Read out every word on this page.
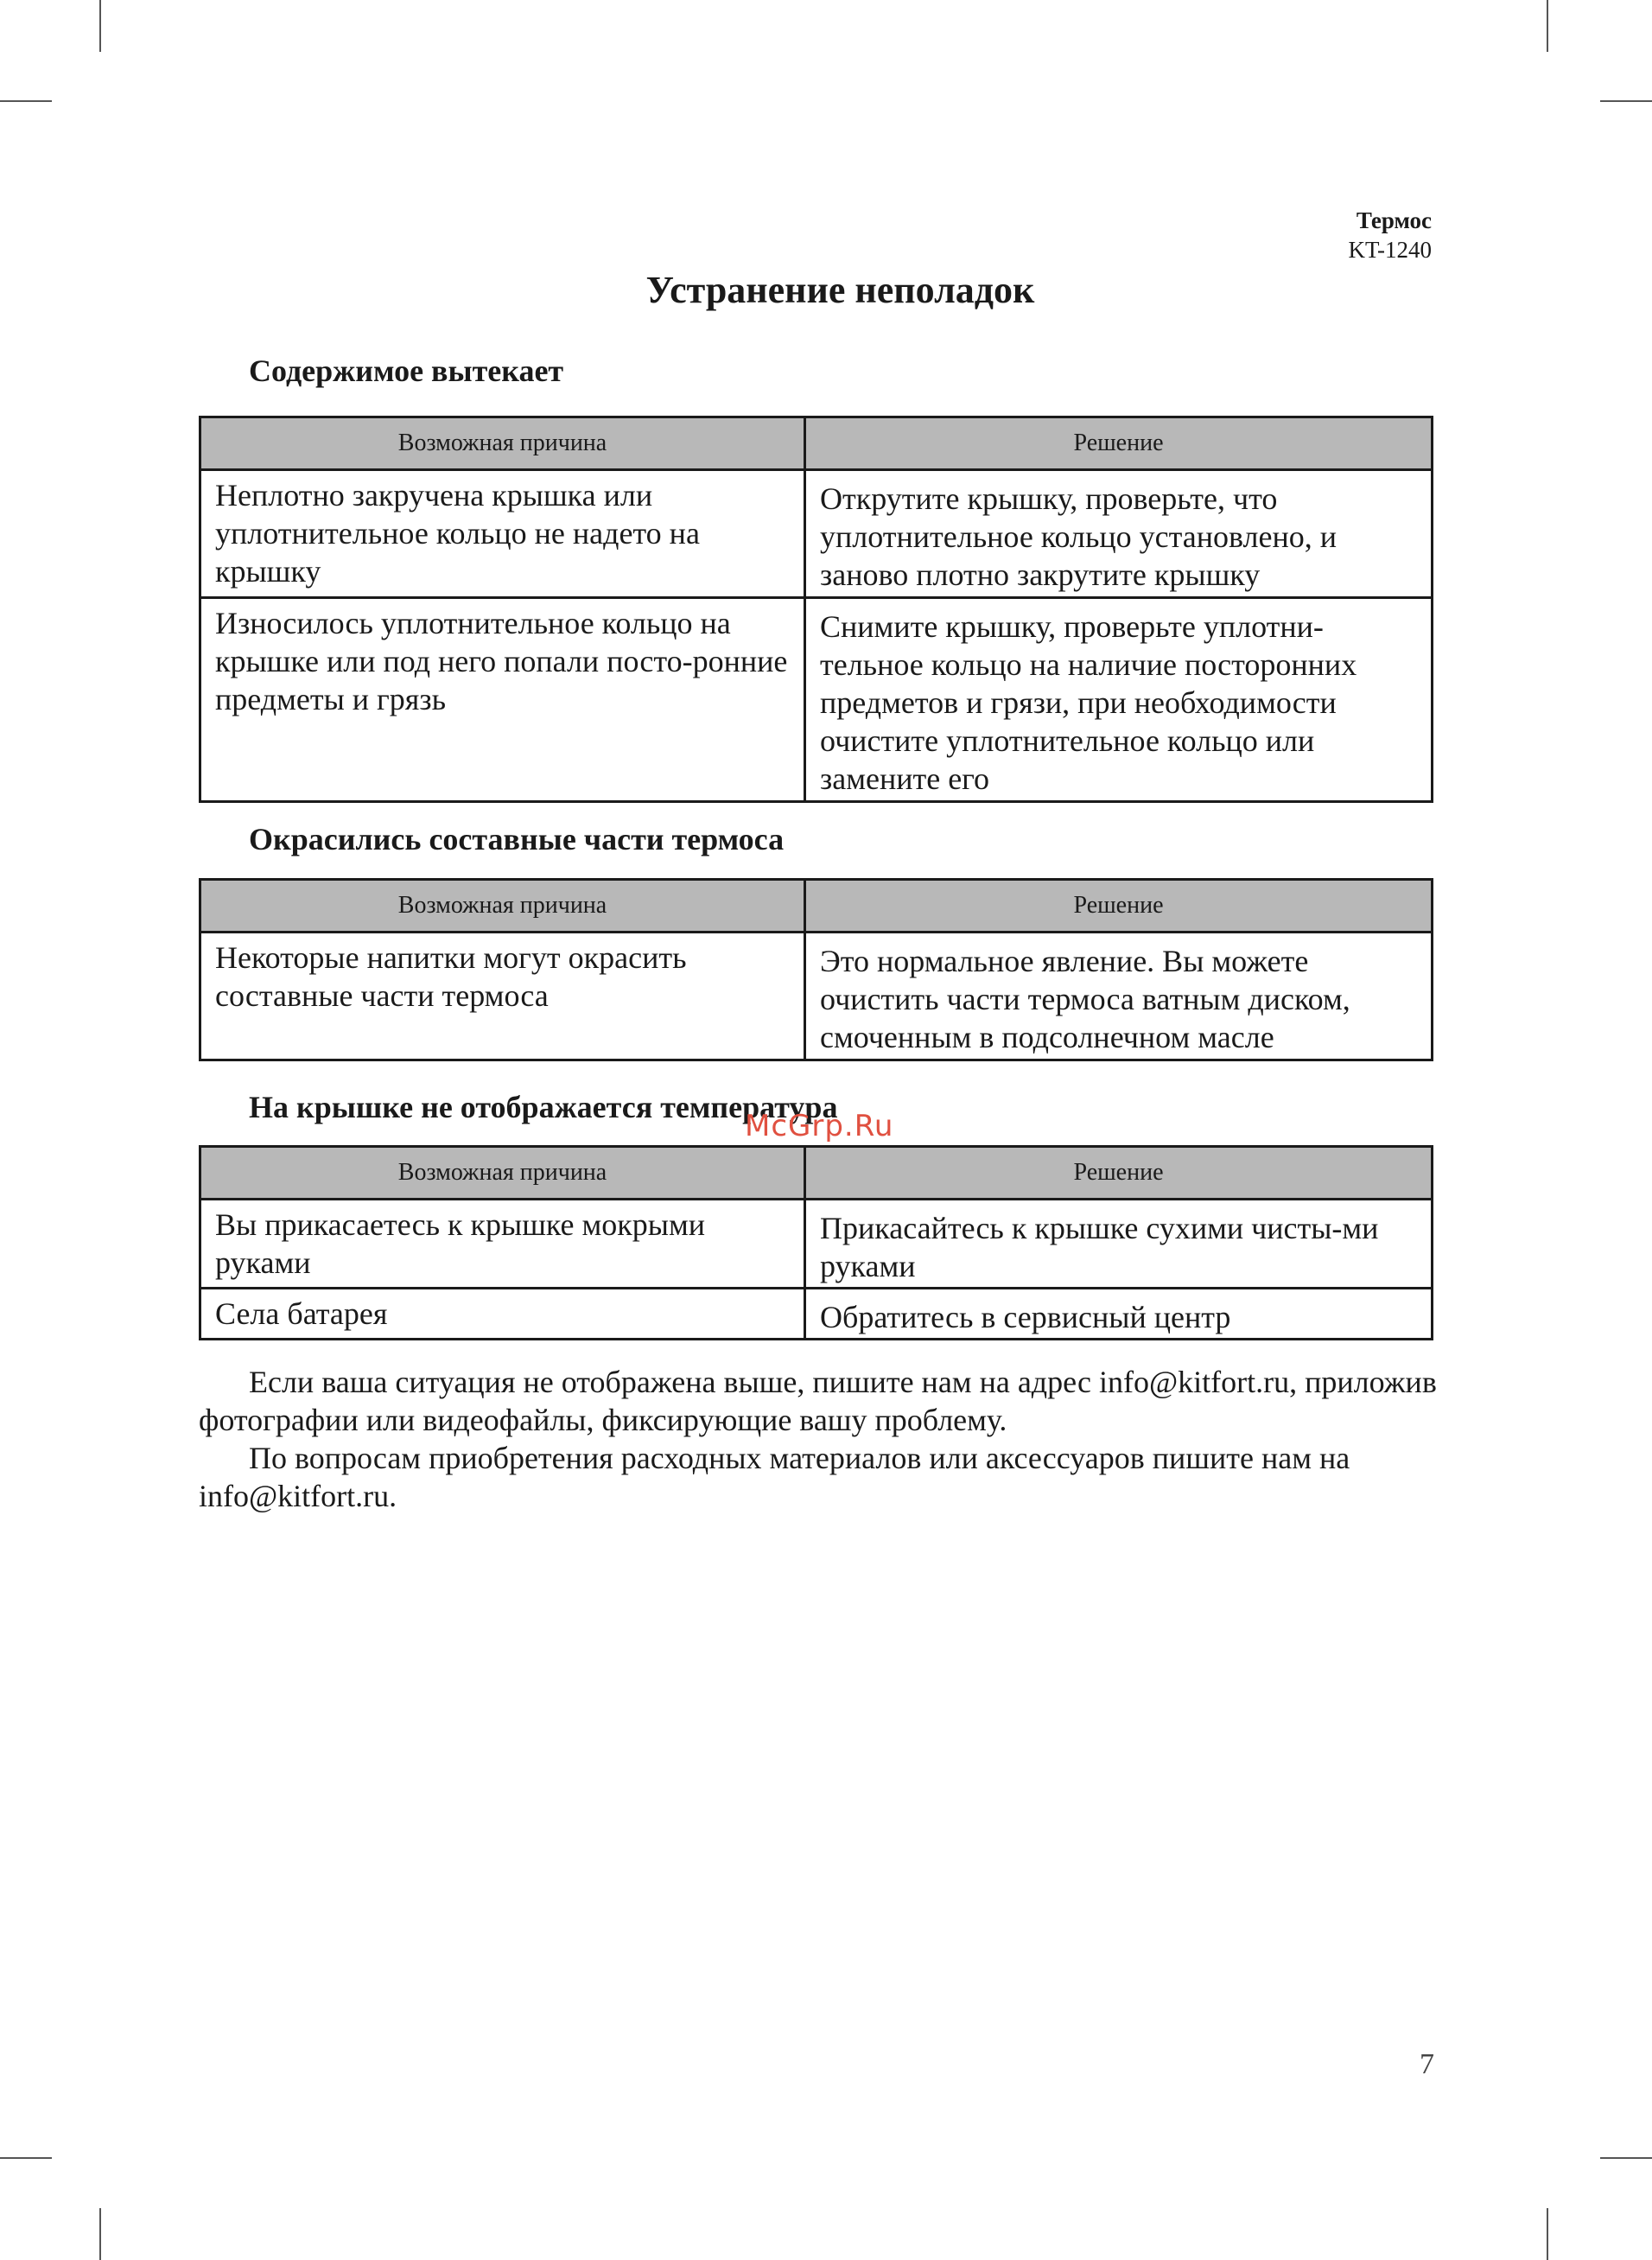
Термос
KT-1240
Устранение неполадок
Содержимое вытекает
Возможная причина	Решение
Неплотно закручена крышка или уплотнительное кольцо не надето на крышку	Открутите крышку, проверьте, что уплотнительное кольцо установлено, и заново плотно закрутите крышку
Износилось уплотнительное кольцо на крышке или под него попали посто-ронние предметы и грязь	Снимите крышку, проверьте уплотни-тельное кольцо на наличие посторонних предметов и грязи, при необходимости очистите уплотнительное кольцо или замените его
Окрасились составные части термоса
Возможная причина	Решение
Некоторые напитки могут окрасить составные части термоса	Это нормальное явление. Вы можете очистить части термоса ватным диском, смоченным в подсолнечном масле
На крышке не отображается температура
Возможная причина	Решение
Вы прикасаетесь к крышке мокрыми руками	Прикасайтесь к крышке сухими чисты-ми руками
Села батарея	Обратитесь в сервисный центр
Если ваша ситуация не отображена выше, пишите нам на адрес info@kitfort.ru, приложив фотографии или видеофайлы, фиксирующие вашу проблему.
По вопросам приобретения расходных материалов или аксессуаров пишите нам на info@kitfort.ru.
McGrp.Ru
7
